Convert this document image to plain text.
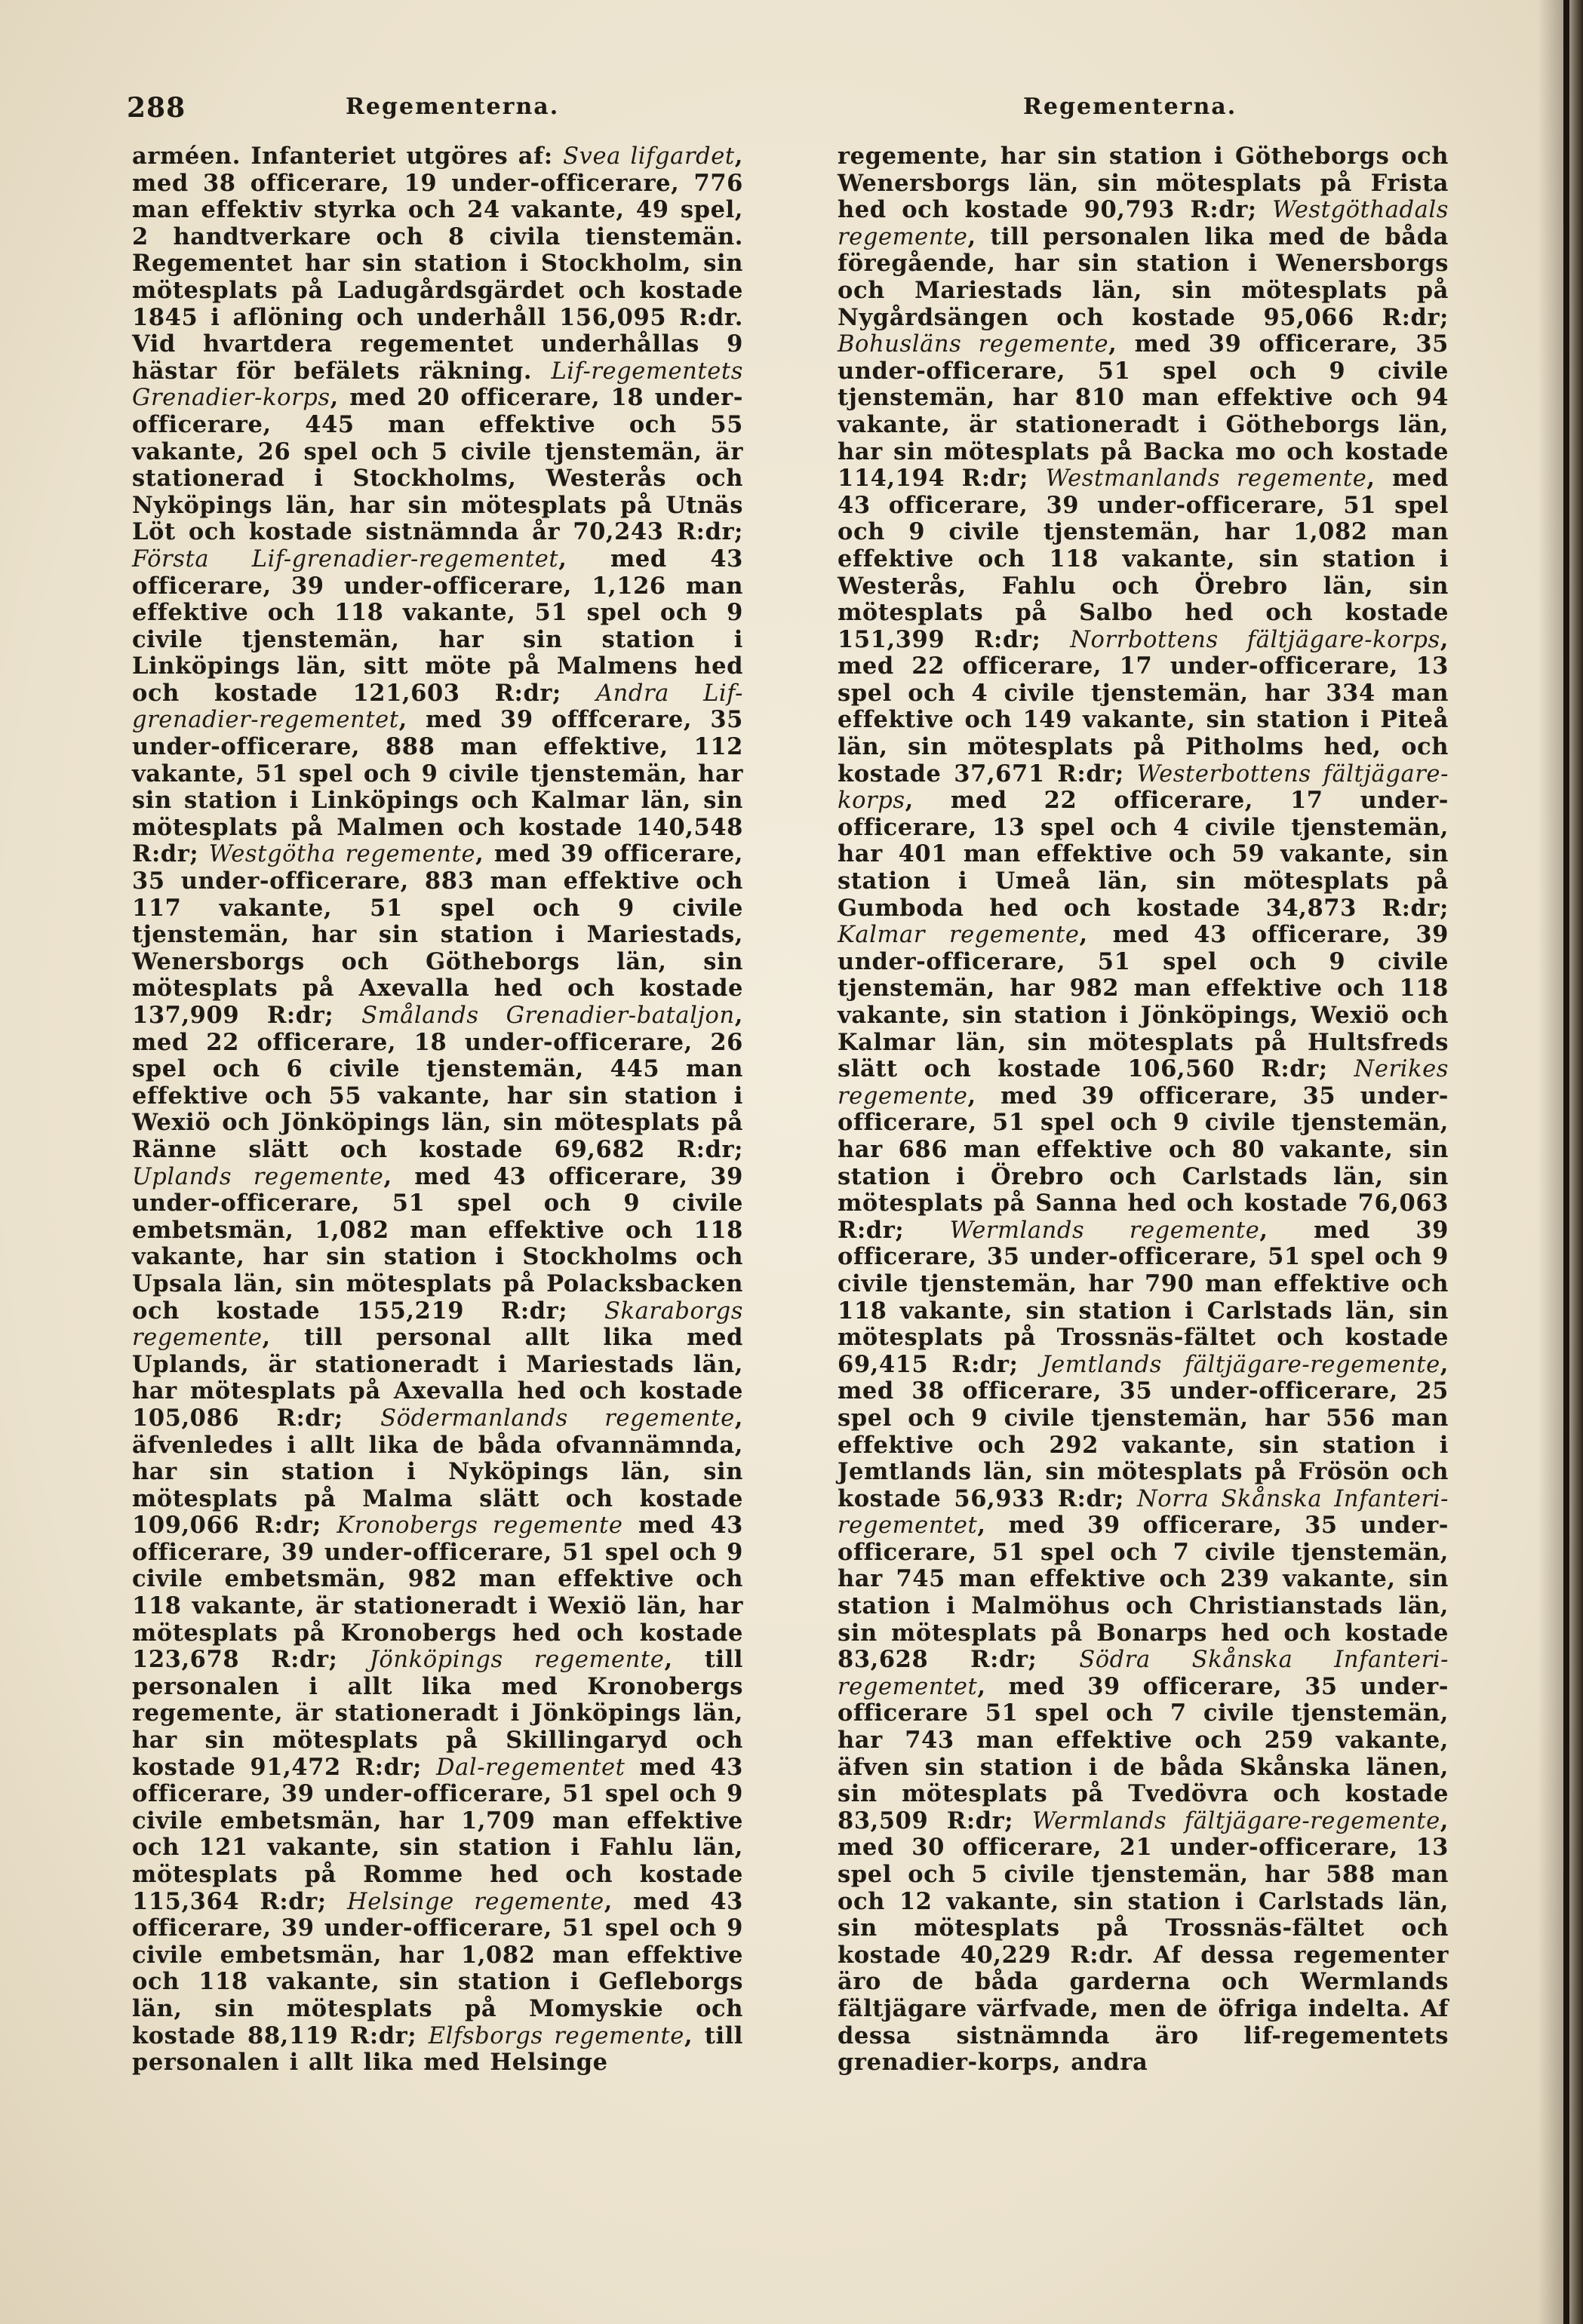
288	Regementerna.	Regementerna.

arméen. Infanteriet utgöres af: Svea lifgardet, med 38 officerare, 19 under-officerare, 776 man effektiv styrka och 24 vakante, 49 spel, 2 handtverkare och 8 civila tienstemän. Regementet har sin station i Stockholm, sin mötesplats på Ladugårdsgärdet och kostade 1845 i aflöning och underhåll 156,095 R:dr. Vid hvartdera regementet underhållas 9 hästar för befälets räkning. Lif-regementets Grenadier-korps, med 20 officerare, 18 under-officerare, 445 man effektive och 55 vakante, 26 spel och 5 civile tjenstemän, är stationerad i Stockholms, Westerås och Nyköpings län, har sin mötesplats på Utnäs Löt och kostade sistnämnda år 70,243 R:dr; Första Lif-grenadier-regementet, med 43 officerare, 39 under-officerare, 1,126 man effektive och 118 vakante, 51 spel och 9 civile tjenstemän, har sin station i Linköpings län, sitt möte på Malmens hed och kostade 121,603 R:dr; Andra Lif-grenadier-regementet, med 39 offfcerare, 35 under-officerare, 888 man effektive, 112 vakante, 51 spel och 9 civile tjenstemän, har sin station i Linköpings och Kalmar län, sin mötesplats på Malmen och kostade 140,548 R:dr; Westgötha regemente, med 39 officerare, 35 under-officerare, 883 man effektive och 117 vakante, 51 spel och 9 civile tjenstemän, har sin station i Mariestads, Wenersborgs och Götheborgs län, sin mötesplats på Axevalla hed och kostade 137,909 R:dr; Smålands Grenadier-bataljon, med 22 officerare, 18 under-officerare, 26 spel och 6 civile tjenstemän, 445 man effektive och 55 vakante, har sin station i Wexiö och Jönköpings län, sin mötesplats på Ränne slätt och kostade 69,682 R:dr; Uplands regemente, med 43 officerare, 39 under-officerare, 51 spel och 9 civile embetsmän, 1,082 man effektive och 118 vakante, har sin station i Stockholms och Upsala län, sin mötesplats på Polacksbacken och kostade 155,219 R:dr; Skaraborgs regemente, till personal allt lika med Uplands, är stationeradt i Mariestads län, har mötesplats på Axevalla hed och kostade 105,086 R:dr; Södermanlands regemente, äfvenledes i allt lika de båda ofvannämnda, har sin station i Nyköpings län, sin mötesplats på Malma slätt och kostade 109,066 R:dr; Kronobergs regemente med 43 officerare, 39 under-officerare, 51 spel och 9 civile embetsmän, 982 man effektive och 118 vakante, är stationeradt i Wexiö län, har mötesplats på Kronobergs hed och kostade 123,678 R:dr; Jönköpings regemente, till personalen i allt lika med Kronobergs regemente, är stationeradt i Jönköpings län, har sin mötesplats på Skillingaryd och kostade 91,472 R:dr; Dal-regementet med 43 officerare, 39 under-officerare, 51 spel och 9 civile embetsmän, har 1,709 man effektive och 121 vakante, sin station i Fahlu län, mötesplats på Romme hed och kostade 115,364 R:dr; Helsinge regemente, med 43 officerare, 39 under-officerare, 51 spel och 9 civile embetsmän, har 1,082 man effektive och 118 vakante, sin station i Gefleborgs län, sin mötesplats på Momyskie och kostade 88,119 R:dr; Elfsborgs regemente, till personalen i allt lika med Helsinge

regemente, har sin station i Götheborgs och Wenersborgs län, sin mötesplats på Frista hed och kostade 90,793 R:dr; Westgöthadals regemente, till personalen lika med de båda föregående, har sin station i Wenersborgs och Mariestads län, sin mötesplats på Nygårdsängen och kostade 95,066 R:dr; Bohusläns regemente, med 39 officerare, 35 under-officerare, 51 spel och 9 civile tjenstemän, har 810 man effektive och 94 vakante, är stationeradt i Götheborgs län, har sin mötesplats på Backa mo och kostade 114,194 R:dr; Westmanlands regemente, med 43 officerare, 39 under-officerare, 51 spel och 9 civile tjenstemän, har 1,082 man effektive och 118 vakante, sin station i Westerås, Fahlu och Örebro län, sin mötesplats på Salbo hed och kostade 151,399 R:dr; Norrbottens fältjägare-korps, med 22 officerare, 17 under-officerare, 13 spel och 4 civile tjenstemän, har 334 man effektive och 149 vakante, sin station i Piteå län, sin mötesplats på Pitholms hed, och kostade 37,671 R:dr; Westerbottens fältjägare-korps, med 22 officerare, 17 under-officerare, 13 spel och 4 civile tjenstemän, har 401 man effektive och 59 vakante, sin station i Umeå län, sin mötesplats på Gumboda hed och kostade 34,873 R:dr; Kalmar regemente, med 43 officerare, 39 under-officerare, 51 spel och 9 civile tjenstemän, har 982 man effektive och 118 vakante, sin station i Jönköpings, Wexiö och Kalmar län, sin mötesplats på Hultsfreds slätt och kostade 106,560 R:dr; Nerikes regemente, med 39 officerare, 35 under-officerare, 51 spel och 9 civile tjenstemän, har 686 man effektive och 80 vakante, sin station i Örebro och Carlstads län, sin mötesplats på Sanna hed och kostade 76,063 R:dr; Wermlands regemente, med 39 officerare, 35 under-officerare, 51 spel och 9 civile tjenstemän, har 790 man effektive och 118 vakante, sin station i Carlstads län, sin mötesplats på Trossnäs-fältet och kostade 69,415 R:dr; Jemtlands fältjägare-regemente, med 38 officerare, 35 under-officerare, 25 spel och 9 civile tjenstemän, har 556 man effektive och 292 vakante, sin station i Jemtlands län, sin mötesplats på Frösön och kostade 56,933 R:dr; Norra Skånska Infanteri-regementet, med 39 officerare, 35 under-officerare, 51 spel och 7 civile tjenstemän, har 745 man effektive och 239 vakante, sin station i Malmöhus och Christianstads län, sin mötesplats på Bonarps hed och kostade 83,628 R:dr; Södra Skånska Infanteri-regementet, med 39 officerare, 35 under-officerare 51 spel och 7 civile tjenstemän, har 743 man effektive och 259 vakante, äfven sin station i de båda Skånska länen, sin mötesplats på Tvedövra och kostade 83,509 R:dr; Wermlands fältjägare-regemente, med 30 officerare, 21 under-officerare, 13 spel och 5 civile tjenstemän, har 588 man och 12 vakante, sin station i Carlstads län, sin mötesplats på Trossnäs-fältet och kostade 40,229 R:dr. Af dessa regementer äro de båda garderna och Wermlands fältjägare värfvade, men de öfriga indelta. Af dessa sistnämnda äro lif-regementets grenadier-korps, andra
